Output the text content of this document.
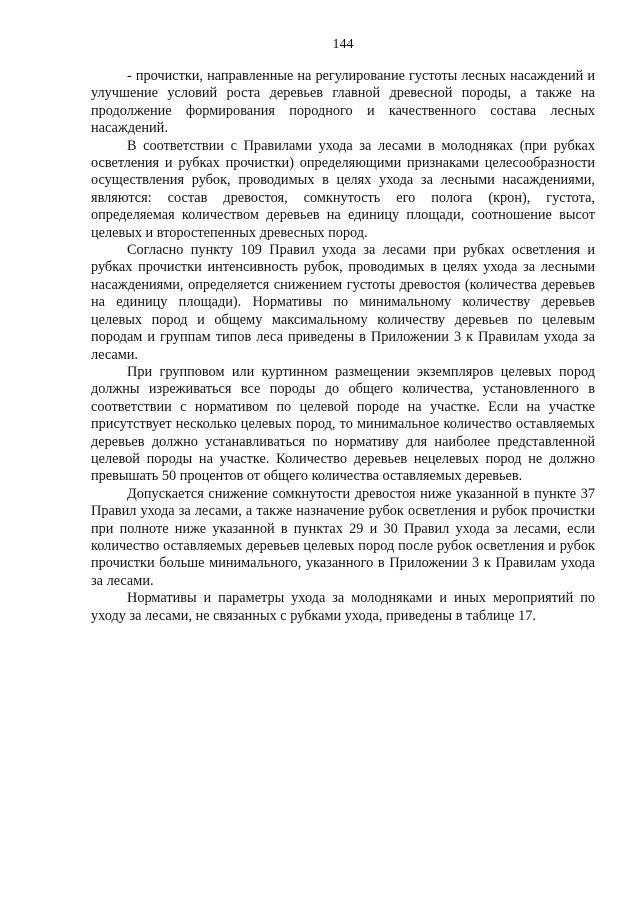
144

- прочистки, направленные на регулирование густоты лесных насаждений и улучшение условий роста деревьев главной древесной породы, а также на продолжение формирования породного и качественного состава лесных насаждений.

В соответствии с Правилами ухода за лесами в молодняках (при рубках осветления и рубках прочистки) определяющими признаками целесообразности осуществления рубок, проводимых в целях ухода за лесными насаждениями, являются: состав древостоя, сомкнутость его полога (крон), густота, определяемая количеством деревьев на единицу площади, соотношение высот целевых и второстепенных древесных пород.

Согласно пункту 109 Правил ухода за лесами при рубках осветления и рубках прочистки интенсивность рубок, проводимых в целях ухода за лесными насаждениями, определяется снижением густоты древостоя (количества деревьев на единицу площади). Нормативы по минимальному количеству деревьев целевых пород и общему максимальному количеству деревьев по целевым породам и группам типов леса приведены в Приложении 3 к Правилам ухода за лесами.

При групповом или куртинном размещении экземпляров целевых пород должны изреживаться все породы до общего количества, установленного в соответствии с нормативом по целевой породе на участке. Если на участке присутствует несколько целевых пород, то минимальное количество оставляемых деревьев должно устанавливаться по нормативу для наиболее представленной целевой породы на участке. Количество деревьев нецелевых пород не должно превышать 50 процентов от общего количества оставляемых деревьев.

Допускается снижение сомкнутости древостоя ниже указанной в пункте 37 Правил ухода за лесами, а также назначение рубок осветления и рубок прочистки при полноте ниже указанной в пунктах 29 и 30 Правил ухода за лесами, если количество оставляемых деревьев целевых пород после рубок осветления и рубок прочистки больше минимального, указанного в Приложении 3 к Правилам ухода за лесами.

Нормативы и параметры ухода за молодняками и иных мероприятий по уходу за лесами, не связанных с рубками ухода, приведены в таблице 17.
